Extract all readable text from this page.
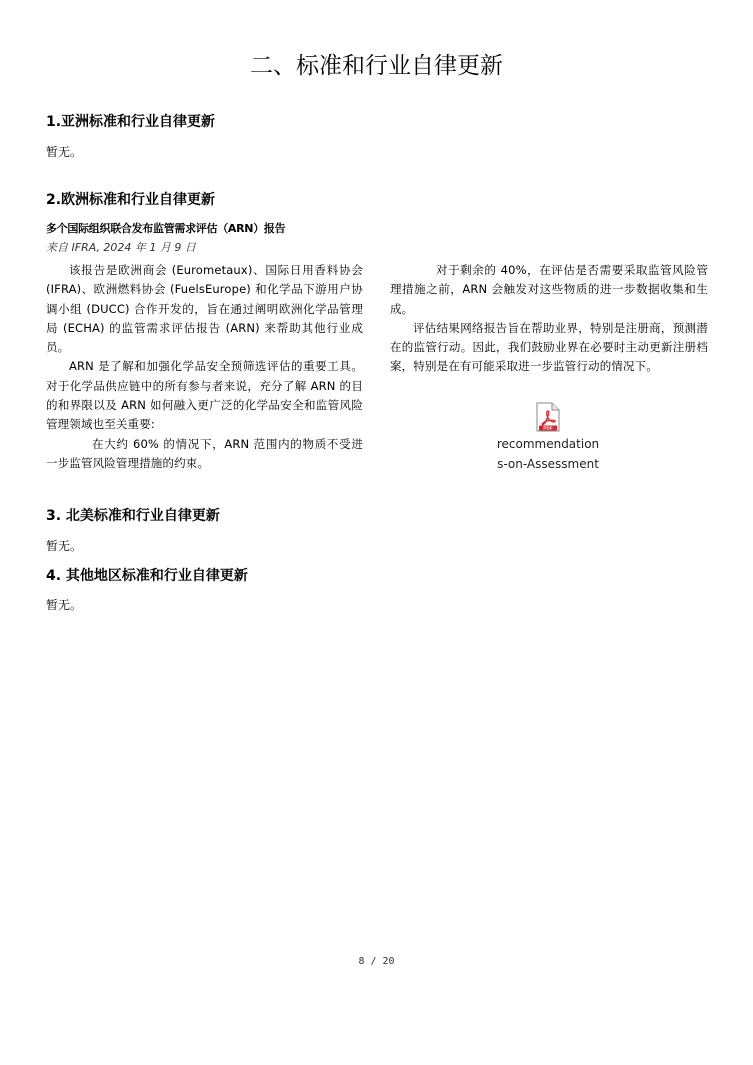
二、标准和行业自律更新
1.亚洲标准和行业自律更新
暂无。
2.欧洲标准和行业自律更新
多个国际组织联合发布监管需求评估（ARN）报告
来自 IFRA, 2024 年 1 月 9 日

该报告是欧洲商会 (Eurometaux)、国际日用香料协会 (IFRA)、欧洲燃料协会 (FuelsEurope) 和化学品下游用户协调小组 (DUCC) 合作开发的，旨在通过阐明欧洲化学品管理局 (ECHA) 的监管需求评估报告 (ARN) 来帮助其他行业成员。

ARN 是了解和加强化学品安全预筛选评估的重要工具。对于化学品供应链中的所有参与者来说，充分了解 ARN 的目的和界限以及 ARN 如何融入更广泛的化学品安全和监管风险管理领域也至关重要:

在大约 60% 的情况下，ARN 范围内的物质不受进一步监管风险管理措施的约束。

对于剩余的 40%，在评估是否需要采取监管风险管理措施之前，ARN 会触发对这些物质的进一步数据收集和生成。

评估结果网络报告旨在帮助业界，特别是注册商，预测潜在的监管行动。因此，我们鼓励业界在必要时主动更新注册档案，特别是在有可能采取进一步监管行动的情况下。

PDF
recommendation
s-on-Assessment
3. 北美标准和行业自律更新
暂无。
4. 其他地区标准和行业自律更新
暂无。
8 / 20
